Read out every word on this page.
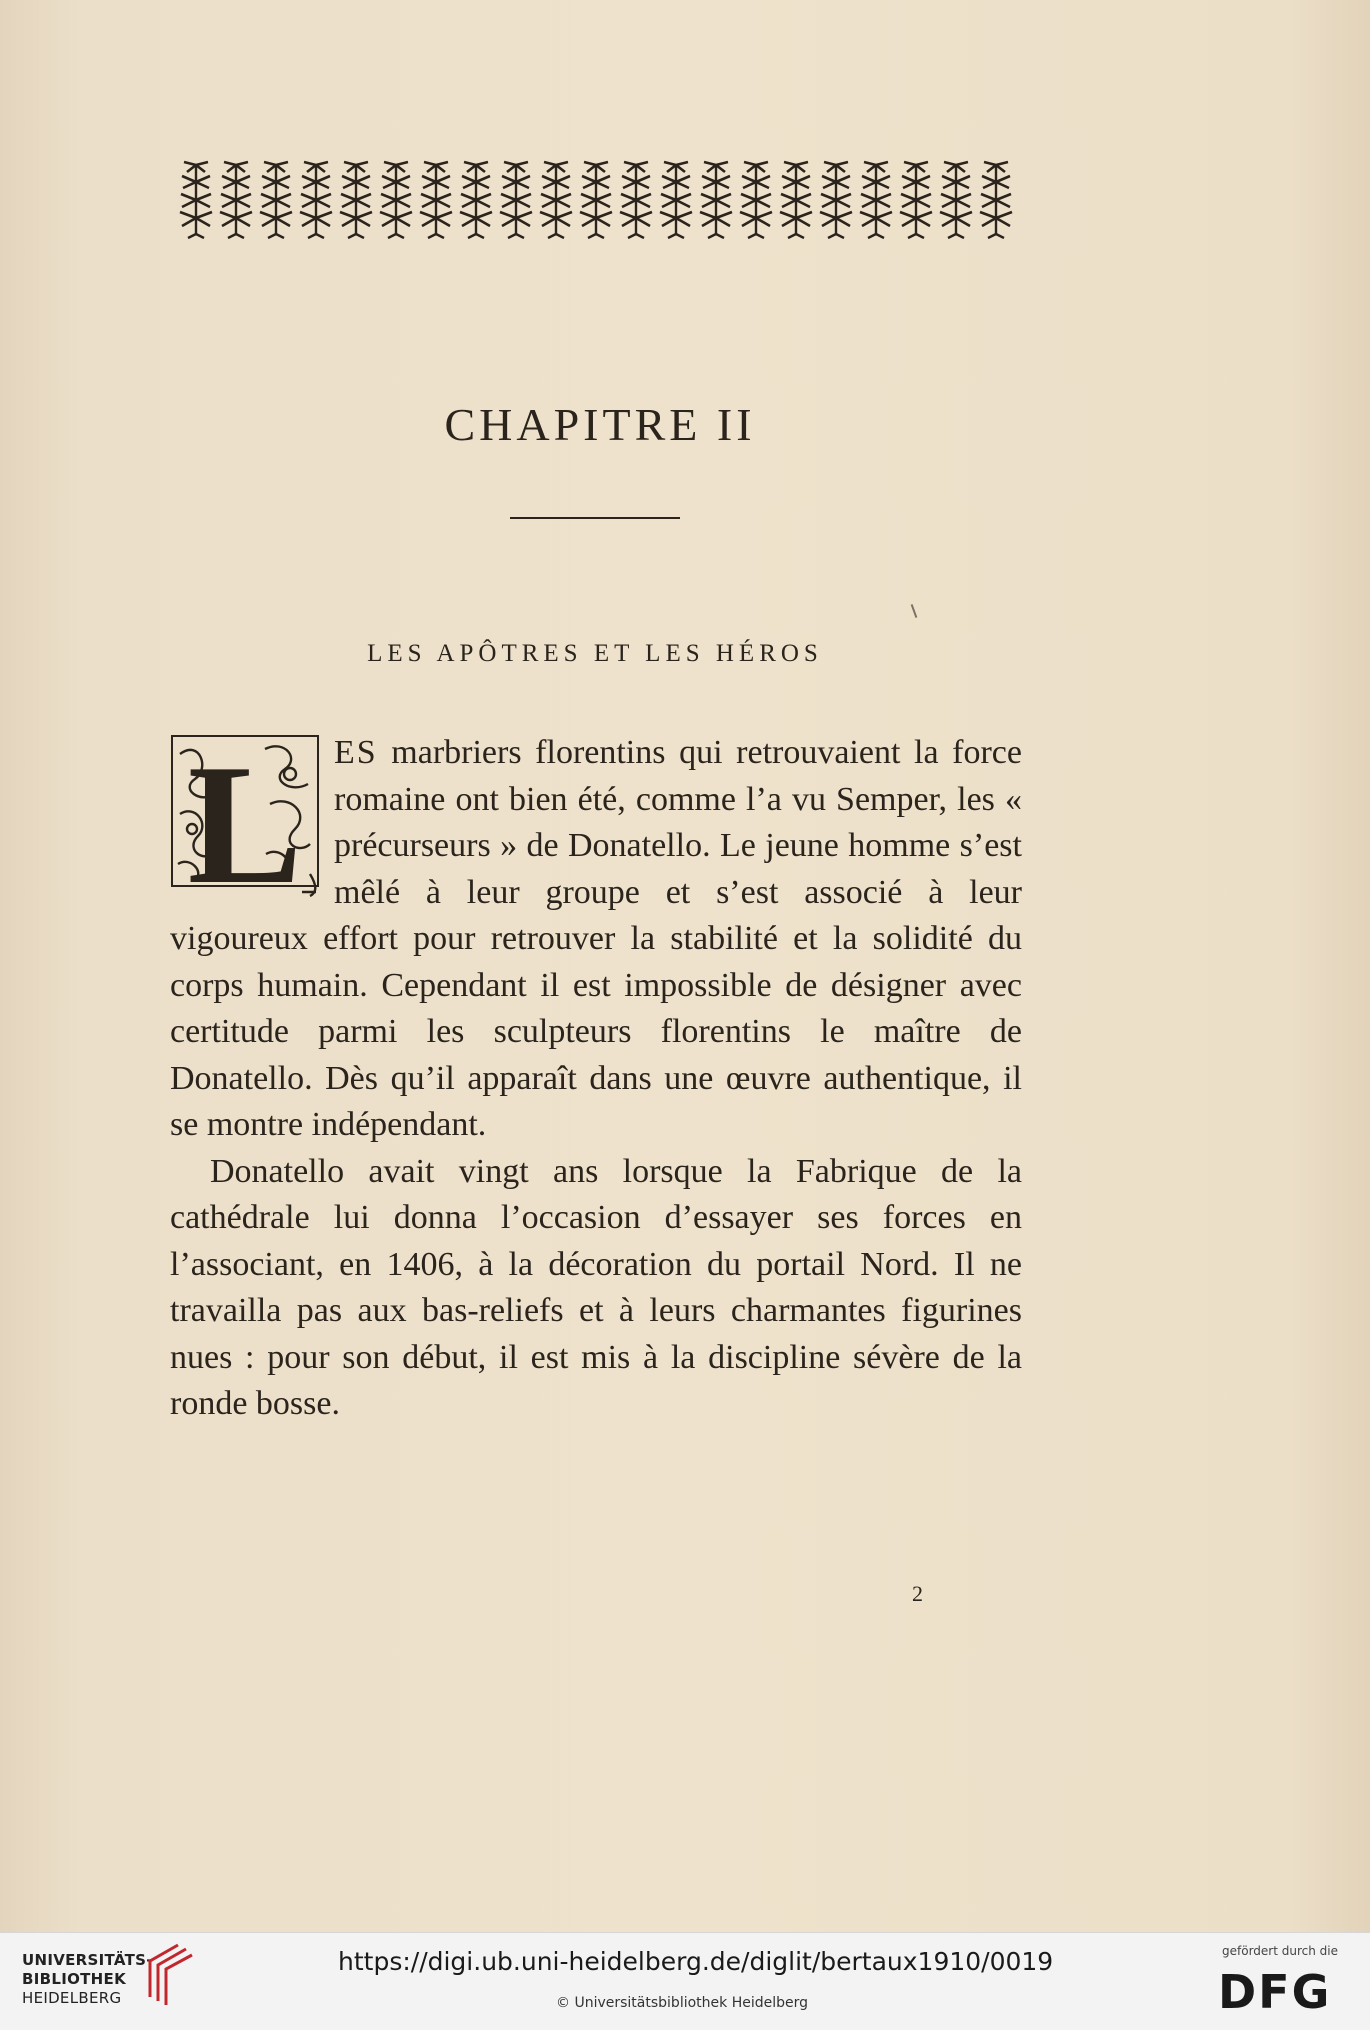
CHAPITRE II
LES APÔTRES ET LES HÉROS
L ES marbriers florentins qui retrouvaient la force romaine ont bien été, comme l’a vu Semper, les « précurseurs » de Donatello. Le jeune homme s’est mêlé à leur groupe et s’est associé à leur vigoureux effort pour retrouver la stabilité et la solidité du corps humain. Cependant il est impossible de désigner avec certitude parmi les sculpteurs florentins le maître de Donatello. Dès qu’il apparaît dans une œuvre authentique, il se montre indépendant.

Donatello avait vingt ans lorsque la Fabrique de la cathédrale lui donna l’occasion d’essayer ses forces en l’associant, en 1406, à la décoration du portail Nord. Il ne travailla pas aux bas-reliefs et à leurs charmantes figurines nues : pour son début, il est mis à la discipline sévère de la ronde bosse.

2
UNIVERSITÄTS-
BIBLIOTHEK
HEIDELBERG
https://digi.ub.uni-heidelberg.de/diglit/bertaux1910/0019
© Universitätsbibliothek Heidelberg
gefördert durch die
DFG
